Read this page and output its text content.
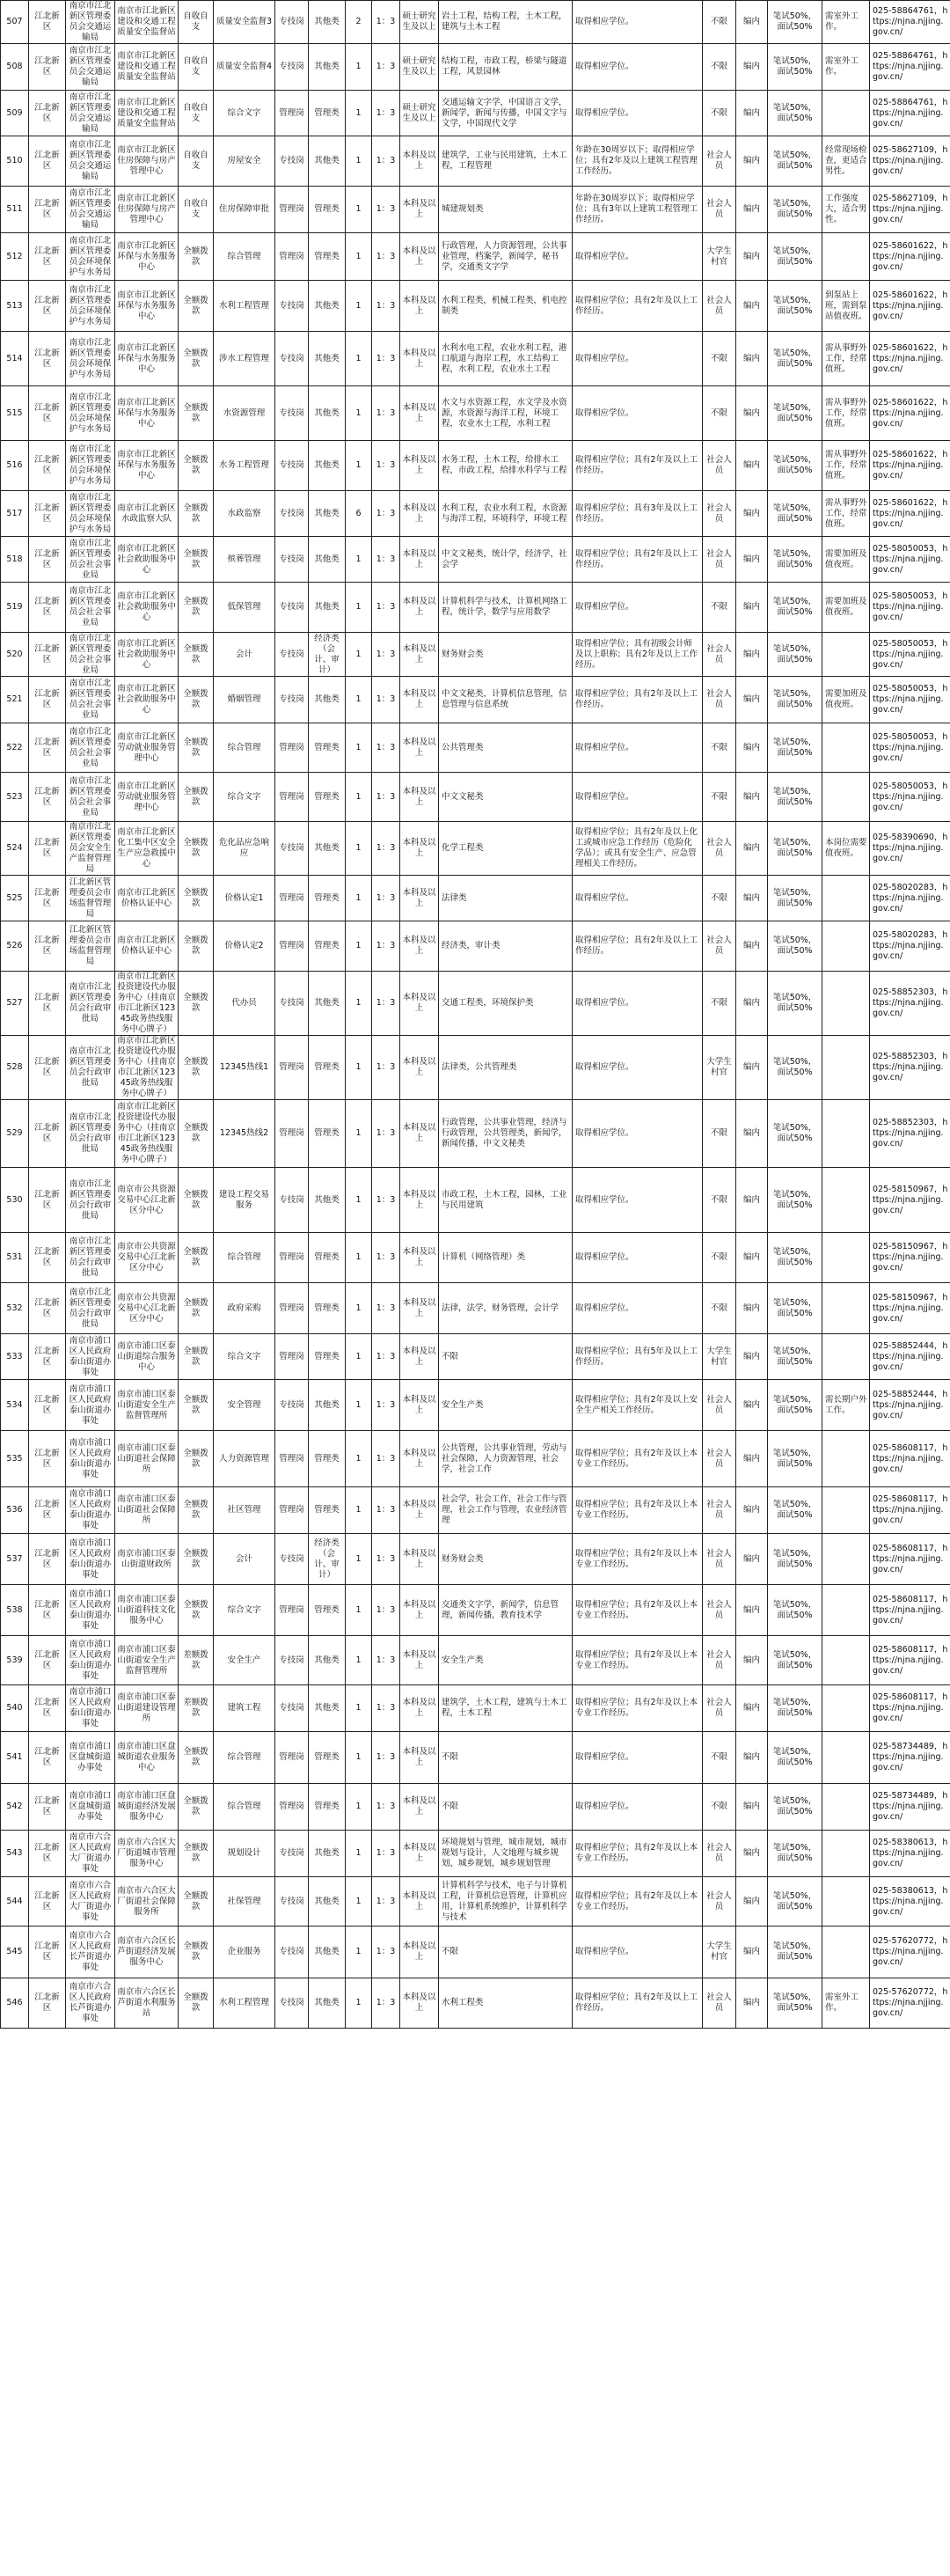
507	江北新区	南京市江北新区管理委员会交通运输局	南京市江北新区建设和交通工程质量安全监督站	自收自支	质量安全监督3	专技岗	其他类	2	1：3	硕士研究生及以上	岩土工程，结构工程，土木工程，建筑与土木工程	取得相应学位。	不限	编内	笔试50%，面试50%	需室外工作。	025-58864761，https://njna.njjing.gov.cn/
508	江北新区	南京市江北新区管理委员会交通运输局	南京市江北新区建设和交通工程质量安全监督站	自收自支	质量安全监督4	专技岗	其他类	1	1：3	硕士研究生及以上	结构工程，市政工程，桥梁与隧道工程，风景园林	取得相应学位。	不限	编内	笔试50%，面试50%	需室外工作。	025-58864761，https://njna.njjing.gov.cn/
509	江北新区	南京市江北新区管理委员会交通运输局	南京市江北新区建设和交通工程质量安全监督站	自收自支	综合文字	管理岗	管理类	1	1：3	硕士研究生及以上	交通运输文字学，中国语言文学，新闻学，新闻与传播，中国文字与文学，中国现代文学	取得相应学位。	不限	编内	笔试50%，面试50%		025-58864761，https://njna.njjing.gov.cn/
510	江北新区	南京市江北新区管理委员会交通运输局	南京市江北新区住房保障与房产管理中心	自收自支	房屋安全	专技岗	其他类	1	1：3	本科及以上	建筑学，工业与民用建筑，土木工程，工程管理	年龄在30周岁以下；取得相应学位；具有2年及以上建筑工程管理工作经历。	社会人员	编内	笔试50%，面试50%	经常现场检查，更适合男性。	025-58627109，https://njna.njjing.gov.cn/
511	江北新区	南京市江北新区管理委员会交通运输局	南京市江北新区住房保障与房产管理中心	自收自支	住房保障审批	管理岗	管理类	1	1：3	本科及以上	城建规划类	年龄在30周岁以下；取得相应学位；具有3年以上建筑工程管理工作经历。	社会人员	编内	笔试50%，面试50%	工作强度大，适合男性。	025-58627109，https://njna.njjing.gov.cn/
512	江北新区	南京市江北新区管理委员会环境保护与水务局	南京市江北新区环保与水务服务中心	全额拨款	综合管理	管理岗	管理类	1	1：3	本科及以上	行政管理，人力资源管理，公共事业管理，档案学，新闻学，秘书学，交通类文字学	取得相应学位。	大学生村官	编内	笔试50%，面试50%		025-58601622，https://njna.njjing.gov.cn/
513	江北新区	南京市江北新区管理委员会环境保护与水务局	南京市江北新区环保与水务服务中心	全额拨款	水利工程管理	专技岗	其他类	1	1：3	本科及以上	水利工程类，机械工程类，机电控制类	取得相应学位；具有2年及以上工作经历。	社会人员	编内	笔试50%，面试50%	到泵站上班，需到泵站值夜班。	025-58601622，https://njna.njjing.gov.cn/
514	江北新区	南京市江北新区管理委员会环境保护与水务局	南京市江北新区环保与水务服务中心	全额拨款	涉水工程管理	专技岗	其他类	1	1：3	本科及以上	水利水电工程，农业水利工程，港口航道与海岸工程，水工结构工程，水利工程，农业水土工程	取得相应学位。	不限	编内	笔试50%，面试50%	需从事野外工作，经常值班。	025-58601622，https://njna.njjing.gov.cn/
515	江北新区	南京市江北新区管理委员会环境保护与水务局	南京市江北新区环保与水务服务中心	全额拨款	水资源管理	专技岗	其他类	1	1：3	本科及以上	水文与水资源工程，水文学及水资源，水资源与海洋工程，环境工程，农业水土工程，水利工程	取得相应学位。	不限	编内	笔试50%，面试50%	需从事野外工作，经常值班。	025-58601622，https://njna.njjing.gov.cn/
516	江北新区	南京市江北新区管理委员会环境保护与水务局	南京市江北新区环保与水务服务中心	全额拨款	水务工程管理	专技岗	其他类	1	1：3	本科及以上	水务工程，土木工程，给排水工程，市政工程，给排水科学与工程	取得相应学位；具有2年及以上工作经历。	社会人员	编内	笔试50%，面试50%	需从事野外工作，经常值班。	025-58601622，https://njna.njjing.gov.cn/
517	江北新区	南京市江北新区管理委员会环境保护与水务局	南京市江北新区水政监察大队	全额拨款	水政监察	专技岗	其他类	6	1：3	本科及以上	水利工程，农业水利工程，水资源与海洋工程，环境科学，环境工程	取得相应学位；具有3年及以上工作经历。	社会人员	编内	笔试50%，面试50%	需从事野外工作，经常值班。	025-58601622，https://njna.njjing.gov.cn/
518	江北新区	南京市江北新区管理委员会社会事业局	南京市江北新区社会救助服务中心	全额拨款	殡葬管理	专技岗	其他类	1	1：3	本科及以上	中文文秘类，统计学，经济学，社会学	取得相应学位；具有2年及以上工作经历。	社会人员	编内	笔试50%，面试50%	需要加班及值夜班。	025-58050053，https://njna.njjing.gov.cn/
519	江北新区	南京市江北新区管理委员会社会事业局	南京市江北新区社会救助服务中心	全额拨款	低保管理	专技岗	其他类	1	1：3	本科及以上	计算机科学与技术，计算机网络工程，统计学，数学与应用数学	取得相应学位。	不限	编内	笔试50%，面试50%	需要加班及值夜班。	025-58050053，https://njna.njjing.gov.cn/
520	江北新区	南京市江北新区管理委员会社会事业局	南京市江北新区社会救助服务中心	全额拨款	会计	专技岗	经济类（会计、审计）	1	1：3	本科及以上	财务财会类	取得相应学位；具有初级会计师及以上职称；具有2年及以上工作经历。	社会人员	编内	笔试50%，面试50%		025-58050053，https://njna.njjing.gov.cn/
521	江北新区	南京市江北新区管理委员会社会事业局	南京市江北新区社会救助服务中心	全额拨款	婚姻管理	专技岗	其他类	1	1：3	本科及以上	中文文秘类，计算机信息管理，信息管理与信息系统	取得相应学位；具有2年及以上工作经历。	社会人员	编内	笔试50%，面试50%	需要加班及值夜班。	025-58050053，https://njna.njjing.gov.cn/
522	江北新区	南京市江北新区管理委员会社会事业局	南京市江北新区劳动就业服务管理中心	全额拨款	综合管理	管理岗	管理类	1	1：3	本科及以上	公共管理类	取得相应学位。	不限	编内	笔试50%，面试50%		025-58050053，https://njna.njjing.gov.cn/
523	江北新区	南京市江北新区管理委员会社会事业局	南京市江北新区劳动就业服务管理中心	全额拨款	综合文字	管理岗	管理类	1	1：3	本科及以上	中文文秘类	取得相应学位。	不限	编内	笔试50%，面试50%		025-58050053，https://njna.njjing.gov.cn/
524	江北新区	南京市江北新区管理委员会安全生产监督管理局	南京市江北新区化工集中区安全生产应急救援中心	全额拨款	危化品应急响应	专技岗	其他类	1	1：3	本科及以上	化学工程类	取得相应学位；具有2年及以上化工或城市应急工作经历（危险化学品）；或具有安全生产、应急管理相关工作经历。	社会人员	编内	笔试50%，面试50%	本岗位需要值夜班。	025-58390690，https://njna.njjing.gov.cn/
525	江北新区	江北新区管理委员会市场监督管理局	南京市江北新区价格认证中心	全额拨款	价格认定1	管理岗	管理类	1	1：3	本科及以上	法律类	取得相应学位。	不限	编内	笔试50%，面试50%		025-58020283，https://njna.njjing.gov.cn/
526	江北新区	江北新区管理委员会市场监督管理局	南京市江北新区价格认证中心	全额拨款	价格认定2	管理岗	管理类	1	1：3	本科及以上	经济类，审计类	取得相应学位；具有2年及以上工作经历。	社会人员	编内	笔试50%，面试50%		025-58020283，https://njna.njjing.gov.cn/
527	江北新区	南京市江北新区管理委员会行政审批局	南京市江北新区投资建设代办服务中心（挂南京市江北新区12345政务热线服务中心牌子）	全额拨款	代办员	专技岗	其他类	1	1：3	本科及以上	交通工程类，环境保护类	取得相应学位。	不限	编内	笔试50%，面试50%		025-58852303，https://njna.njjing.gov.cn/
528	江北新区	南京市江北新区管理委员会行政审批局	南京市江北新区投资建设代办服务中心（挂南京市江北新区12345政务热线服务中心牌子）	全额拨款	12345热线1	管理岗	管理类	1	1：3	本科及以上	法律类，公共管理类	取得相应学位。	大学生村官	编内	笔试50%，面试50%		025-58852303，https://njna.njjing.gov.cn/
529	江北新区	南京市江北新区管理委员会行政审批局	南京市江北新区投资建设代办服务中心（挂南京市江北新区12345政务热线服务中心牌子）	全额拨款	12345热线2	管理岗	管理类	1	1：3	本科及以上	行政管理，公共事业管理，经济与行政管理，公共管理类，新闻学，新闻传播，中文文秘类	取得相应学位。	不限	编内	笔试50%，面试50%		025-58852303，https://njna.njjing.gov.cn/
530	江北新区	南京市江北新区管理委员会行政审批局	南京市公共资源交易中心江北新区分中心	全额拨款	建设工程交易服务	专技岗	其他类	1	1：3	本科及以上	市政工程，土木工程，园林，工业与民用建筑	取得相应学位。	不限	编内	笔试50%，面试50%		025-58150967，https://njna.njjing.gov.cn/
531	江北新区	南京市江北新区管理委员会行政审批局	南京市公共资源交易中心江北新区分中心	全额拨款	综合管理	管理岗	管理类	1	1：3	本科及以上	计算机（网络管理）类	取得相应学位。	不限	编内	笔试50%，面试50%		025-58150967，https://njna.njjing.gov.cn/
532	江北新区	南京市江北新区管理委员会行政审批局	南京市公共资源交易中心江北新区分中心	全额拨款	政府采购	管理岗	管理类	1	1：3	本科及以上	法律，法学，财务管理，会计学	取得相应学位。	不限	编内	笔试50%，面试50%		025-58150967，https://njna.njjing.gov.cn/
533	江北新区	南京市浦口区人民政府泰山街道办事处	南京市浦口区泰山街道综合服务中心	全额拨款	综合文字	管理岗	管理类	1	1：3	本科及以上	不限	取得相应学位；具有5年及以上工作经历。	大学生村官	编内	笔试50%，面试50%		025-58852444，https://njna.njjing.gov.cn/
534	江北新区	南京市浦口区人民政府泰山街道办事处	南京市浦口区泰山街道安全生产监督管理所	全额拨款	安全管理	专技岗	其他类	1	1：3	本科及以上	安全生产类	取得相应学位；具有2年及以上安全生产相关工作经历。	社会人员	编内	笔试50%，面试50%	需长期户外工作。	025-58852444，https://njna.njjing.gov.cn/
535	江北新区	南京市浦口区人民政府泰山街道办事处	南京市浦口区泰山街道社会保障所	全额拨款	人力资源管理	管理岗	管理类	1	1：3	本科及以上	公共管理，公共事业管理，劳动与社会保障，人力资源管理，社会学，社会工作	取得相应学位；具有2年及以上本专业工作经历。	社会人员	编内	笔试50%，面试50%		025-58608117，https://njna.njjing.gov.cn/
536	江北新区	南京市浦口区人民政府泰山街道办事处	南京市浦口区泰山街道社会保障所	全额拨款	社区管理	管理岗	管理类	1	1：3	本科及以上	社会学，社会工作，社会工作与管理，社会工作与管理，农业经济管理	取得相应学位；具有2年及以上本专业工作经历。	社会人员	编内	笔试50%，面试50%		025-58608117，https://njna.njjing.gov.cn/
537	江北新区	南京市浦口区人民政府泰山街道办事处	南京市浦口区泰山街道财政所	全额拨款	会计	专技岗	经济类（会计、审计）	1	1：3	本科及以上	财务财会类	取得相应学位；具有2年及以上本专业工作经历。	社会人员	编内	笔试50%，面试50%		025-58608117，https://njna.njjing.gov.cn/
538	江北新区	南京市浦口区人民政府泰山街道办事处	南京市浦口区泰山街道科技文化服务中心	全额拨款	综合文字	管理岗	管理类	1	1：3	本科及以上	交通类文字学，新闻学，信息管理，新闻传播，教育技术学	取得相应学位；具有2年及以上本专业工作经历。	社会人员	编内	笔试50%，面试50%		025-58608117，https://njna.njjing.gov.cn/
539	江北新区	南京市浦口区人民政府泰山街道办事处	南京市浦口区泰山街道安全生产监督管理所	差额拨款	安全生产	专技岗	其他类	1	1：3	本科及以上	安全生产类	取得相应学位；具有2年及以上本专业工作经历。	社会人员	编内	笔试50%，面试50%		025-58608117，https://njna.njjing.gov.cn/
540	江北新区	南京市浦口区人民政府泰山街道办事处	南京市浦口区泰山街道建设管理所	差额拨款	建筑工程	专技岗	其他类	1	1：3	本科及以上	建筑学，土木工程，建筑与土木工程，土木工程	取得相应学位；具有2年及以上本专业工作经历。	社会人员	编内	笔试50%，面试50%		025-58608117，https://njna.njjing.gov.cn/
541	江北新区	南京市浦口区盘城街道办事处	南京市浦口区盘城街道农业服务中心	全额拨款	综合管理	管理岗	管理类	1	1：3	本科及以上	不限	取得相应学位。	不限	编内	笔试50%，面试50%		025-58734489，https://njna.njjing.gov.cn/
542	江北新区	南京市浦口区盘城街道办事处	南京市浦口区盘城街道经济发展服务中心	全额拨款	综合管理	管理岗	管理类	1	1：3	本科及以上	不限	取得相应学位。	不限	编内	笔试50%，面试50%		025-58734489，https://njna.njjing.gov.cn/
543	江北新区	南京市六合区人民政府大厂街道办事处	南京市六合区大厂街道城市管理服务中心	全额拨款	规划设计	专技岗	其他类	1	1：3	本科及以上	环境规划与管理，城市规划，城市规划与设计，人文地理与城乡规划，城乡规划，城乡规划管理	取得相应学位；具有2年及以上本专业工作经历。	社会人员	编内	笔试50%，面试50%		025-58380613，https://njna.njjing.gov.cn/
544	江北新区	南京市六合区人民政府大厂街道办事处	南京市六合区大厂街道社会保障服务所	全额拨款	社保管理	专技岗	其他类	1	1：3	本科及以上	计算机科学与技术，电子与计算机工程，计算机信息管理，计算机应用，计算机系统维护，计算机科学与技术	取得相应学位；具有2年及以上本专业工作经历。	社会人员	编内	笔试50%，面试50%		025-58380613，https://njna.njjing.gov.cn/
545	江北新区	南京市六合区人民政府长芦街道办事处	南京市六合区长芦街道经济发展服务中心	全额拨款	企业服务	专技岗	其他类	1	1：3	本科及以上	不限	取得相应学位。	大学生村官	编内	笔试50%，面试50%		025-57620772，https://njna.njjing.gov.cn/
546	江北新区	南京市六合区人民政府长芦街道办事处	南京市六合区长芦街道水利服务站	全额拨款	水利工程管理	专技岗	其他类	1	1：3	本科及以上	水利工程类	取得相应学位；具有2年及以上工作经历。	社会人员	编内	笔试50%，面试50%	需室外工作。	025-57620772，https://njna.njjing.gov.cn/
